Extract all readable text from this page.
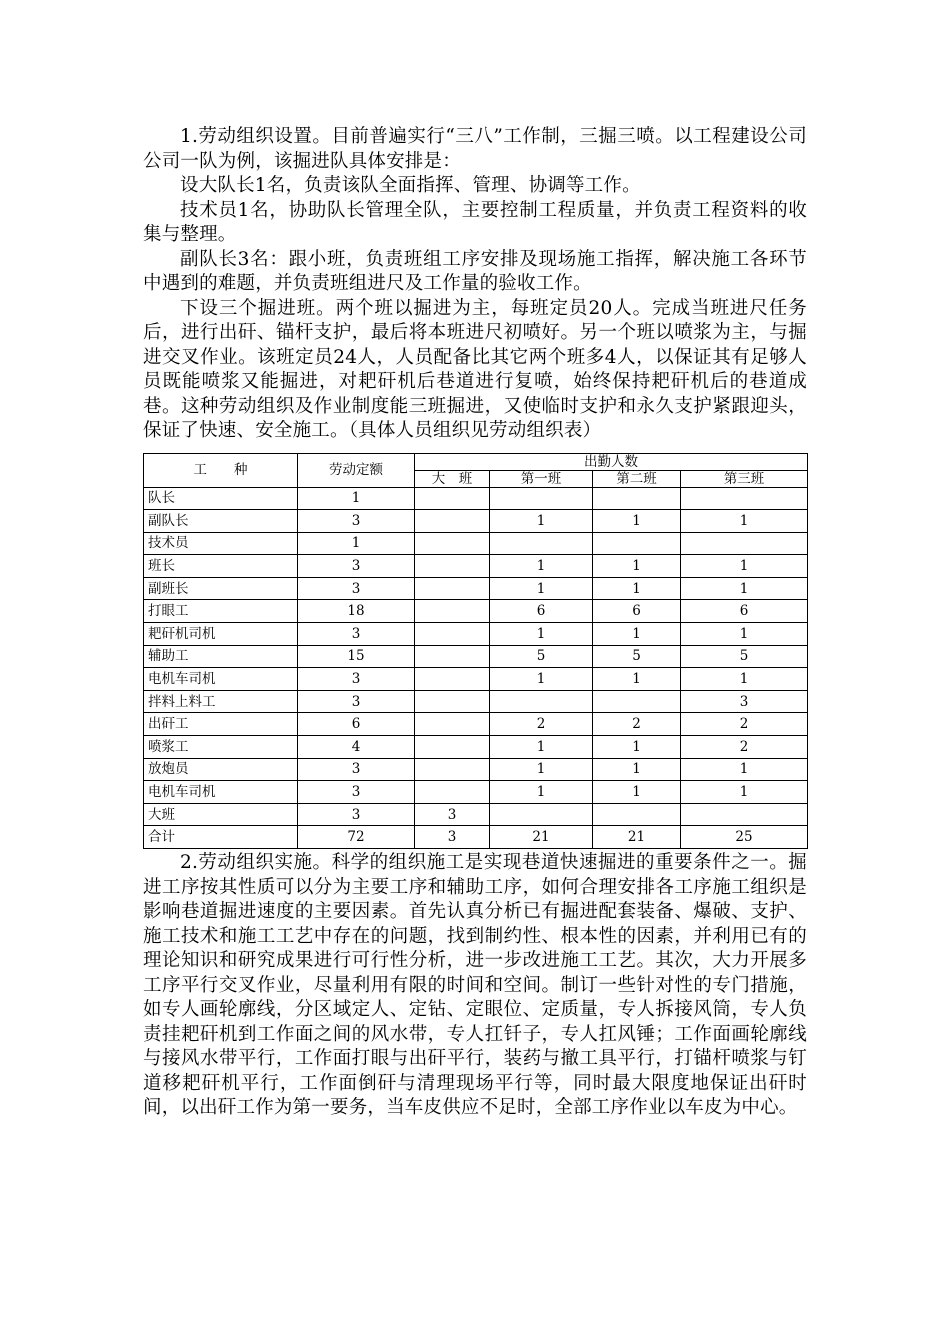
1.劳动组织设置。目前普遍实行“三八”工作制，三掘三喷。以工程建设公司公司一队为例，该掘进队具体安排是：

设大队长1名，负责该队全面指挥、管理、协调等工作。

技术员1名，协助队长管理全队，主要控制工程质量，并负责工程资料的收集与整理。

副队长3名：跟小班，负责班组工序安排及现场施工指挥，解决施工各环节中遇到的难题，并负责班组进尺及工作量的验收工作。

下设三个掘进班。两个班以掘进为主，每班定员20人。完成当班进尺任务后，进行出矸、锚杆支护，最后将本班进尺初喷好。另一个班以喷浆为主，与掘进交叉作业。该班定员24人，人员配备比其它两个班多4人，以保证其有足够人员既能喷浆又能掘进，对耙矸机后巷道进行复喷，始终保持耙矸机后的巷道成巷。这种劳动组织及作业制度能三班掘进，又使临时支护和永久支护紧跟迎头，保证了快速、安全施工。（具体人员组织见劳动组织表）

工　　种	劳动定额	出勤人数			
		大　班	第一班	第二班	第三班
队长	1				
副队长	3		1	1	1
技术员	1				
班长	3		1	1	1
副班长	3		1	1	1
打眼工	18		6	6	6
耙矸机司机	3		1	1	1
辅助工	15		5	5	5
电机车司机	3		1	1	1
拌料上料工	3				3
出矸工	6		2	2	2
喷浆工	4		1	1	2
放炮员	3		1	1	1
电机车司机	3		1	1	1
大班	3	3			
合计	72	3	21	21	25

2.劳动组织实施。科学的组织施工是实现巷道快速掘进的重要条件之一。掘进工序按其性质可以分为主要工序和辅助工序，如何合理安排各工序施工组织是影响巷道掘进速度的主要因素。首先认真分析已有掘进配套装备、爆破、支护、施工技术和施工工艺中存在的问题，找到制约性、根本性的因素，并利用已有的理论知识和研究成果进行可行性分析，进一步改进施工工艺。其次，大力开展多工序平行交叉作业，尽量利用有限的时间和空间。制订一些针对性的专门措施，如专人画轮廓线，分区域定人、定钻、定眼位、定质量，专人拆接风筒，专人负责挂耙矸机到工作面之间的风水带，专人扛钎子，专人扛风锤；工作面画轮廓线与接风水带平行，工作面打眼与出矸平行，装药与撤工具平行，打锚杆喷浆与钉道移耙矸机平行，工作面倒矸与清理现场平行等，同时最大限度地保证出矸时间，以出矸工作为第一要务，当车皮供应不足时，全部工序作业以车皮为中心。
